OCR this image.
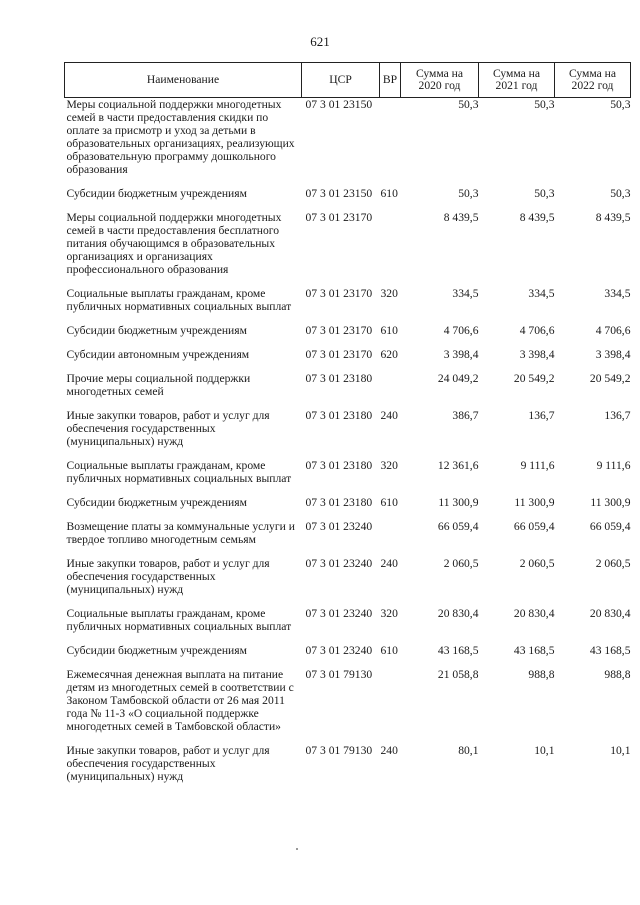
621
Наименование	ЦСР	ВР	Сумма на 2020 год	Сумма на 2021 год	Сумма на 2022 год
Меры социальной поддержки многодетных семей в части предоставления скидки по оплате за присмотр и уход за детьми в образовательных организациях, реализующих образовательную программу дошкольного образования	07 3 01 23150		50,3	50,3	50,3

Субсидии бюджетным учреждениям	07 3 01 23150	610	50,3	50,3	50,3

Меры социальной поддержки многодетных семей в части предоставления бесплатного питания обучающимся в образовательных организациях и организациях профессионального образования	07 3 01 23170		8 439,5	8 439,5	8 439,5

Социальные выплаты гражданам, кроме публичных нормативных социальных выплат	07 3 01 23170	320	334,5	334,5	334,5

Субсидии бюджетным учреждениям	07 3 01 23170	610	4 706,6	4 706,6	4 706,6

Субсидии автономным учреждениям	07 3 01 23170	620	3 398,4	3 398,4	3 398,4

Прочие меры социальной поддержки многодетных семей	07 3 01 23180		24 049,2	20 549,2	20 549,2

Иные закупки товаров, работ и услуг для обеспечения государственных (муниципальных) нужд	07 3 01 23180	240	386,7	136,7	136,7

Социальные выплаты гражданам, кроме публичных нормативных социальных выплат	07 3 01 23180	320	12 361,6	9 111,6	9 111,6

Субсидии бюджетным учреждениям	07 3 01 23180	610	11 300,9	11 300,9	11 300,9

Возмещение платы за коммунальные услуги и твердое топливо многодетным семьям	07 3 01 23240		66 059,4	66 059,4	66 059,4

Иные закупки товаров, работ и услуг для обеспечения государственных (муниципальных) нужд	07 3 01 23240	240	2 060,5	2 060,5	2 060,5

Социальные выплаты гражданам, кроме публичных нормативных социальных выплат	07 3 01 23240	320	20 830,4	20 830,4	20 830,4

Субсидии бюджетным учреждениям	07 3 01 23240	610	43 168,5	43 168,5	43 168,5

Ежемесячная денежная выплата на питание детям из многодетных семей в соответствии с Законом Тамбовской области от 26 мая 2011 года № 11-З «О социальной поддержке многодетных семей в Тамбовской области»	07 3 01 79130		21 058,8	988,8	988,8

Иные закупки товаров, работ и услуг для обеспечения государственных (муниципальных) нужд	07 3 01 79130	240	80,1	10,1	10,1
